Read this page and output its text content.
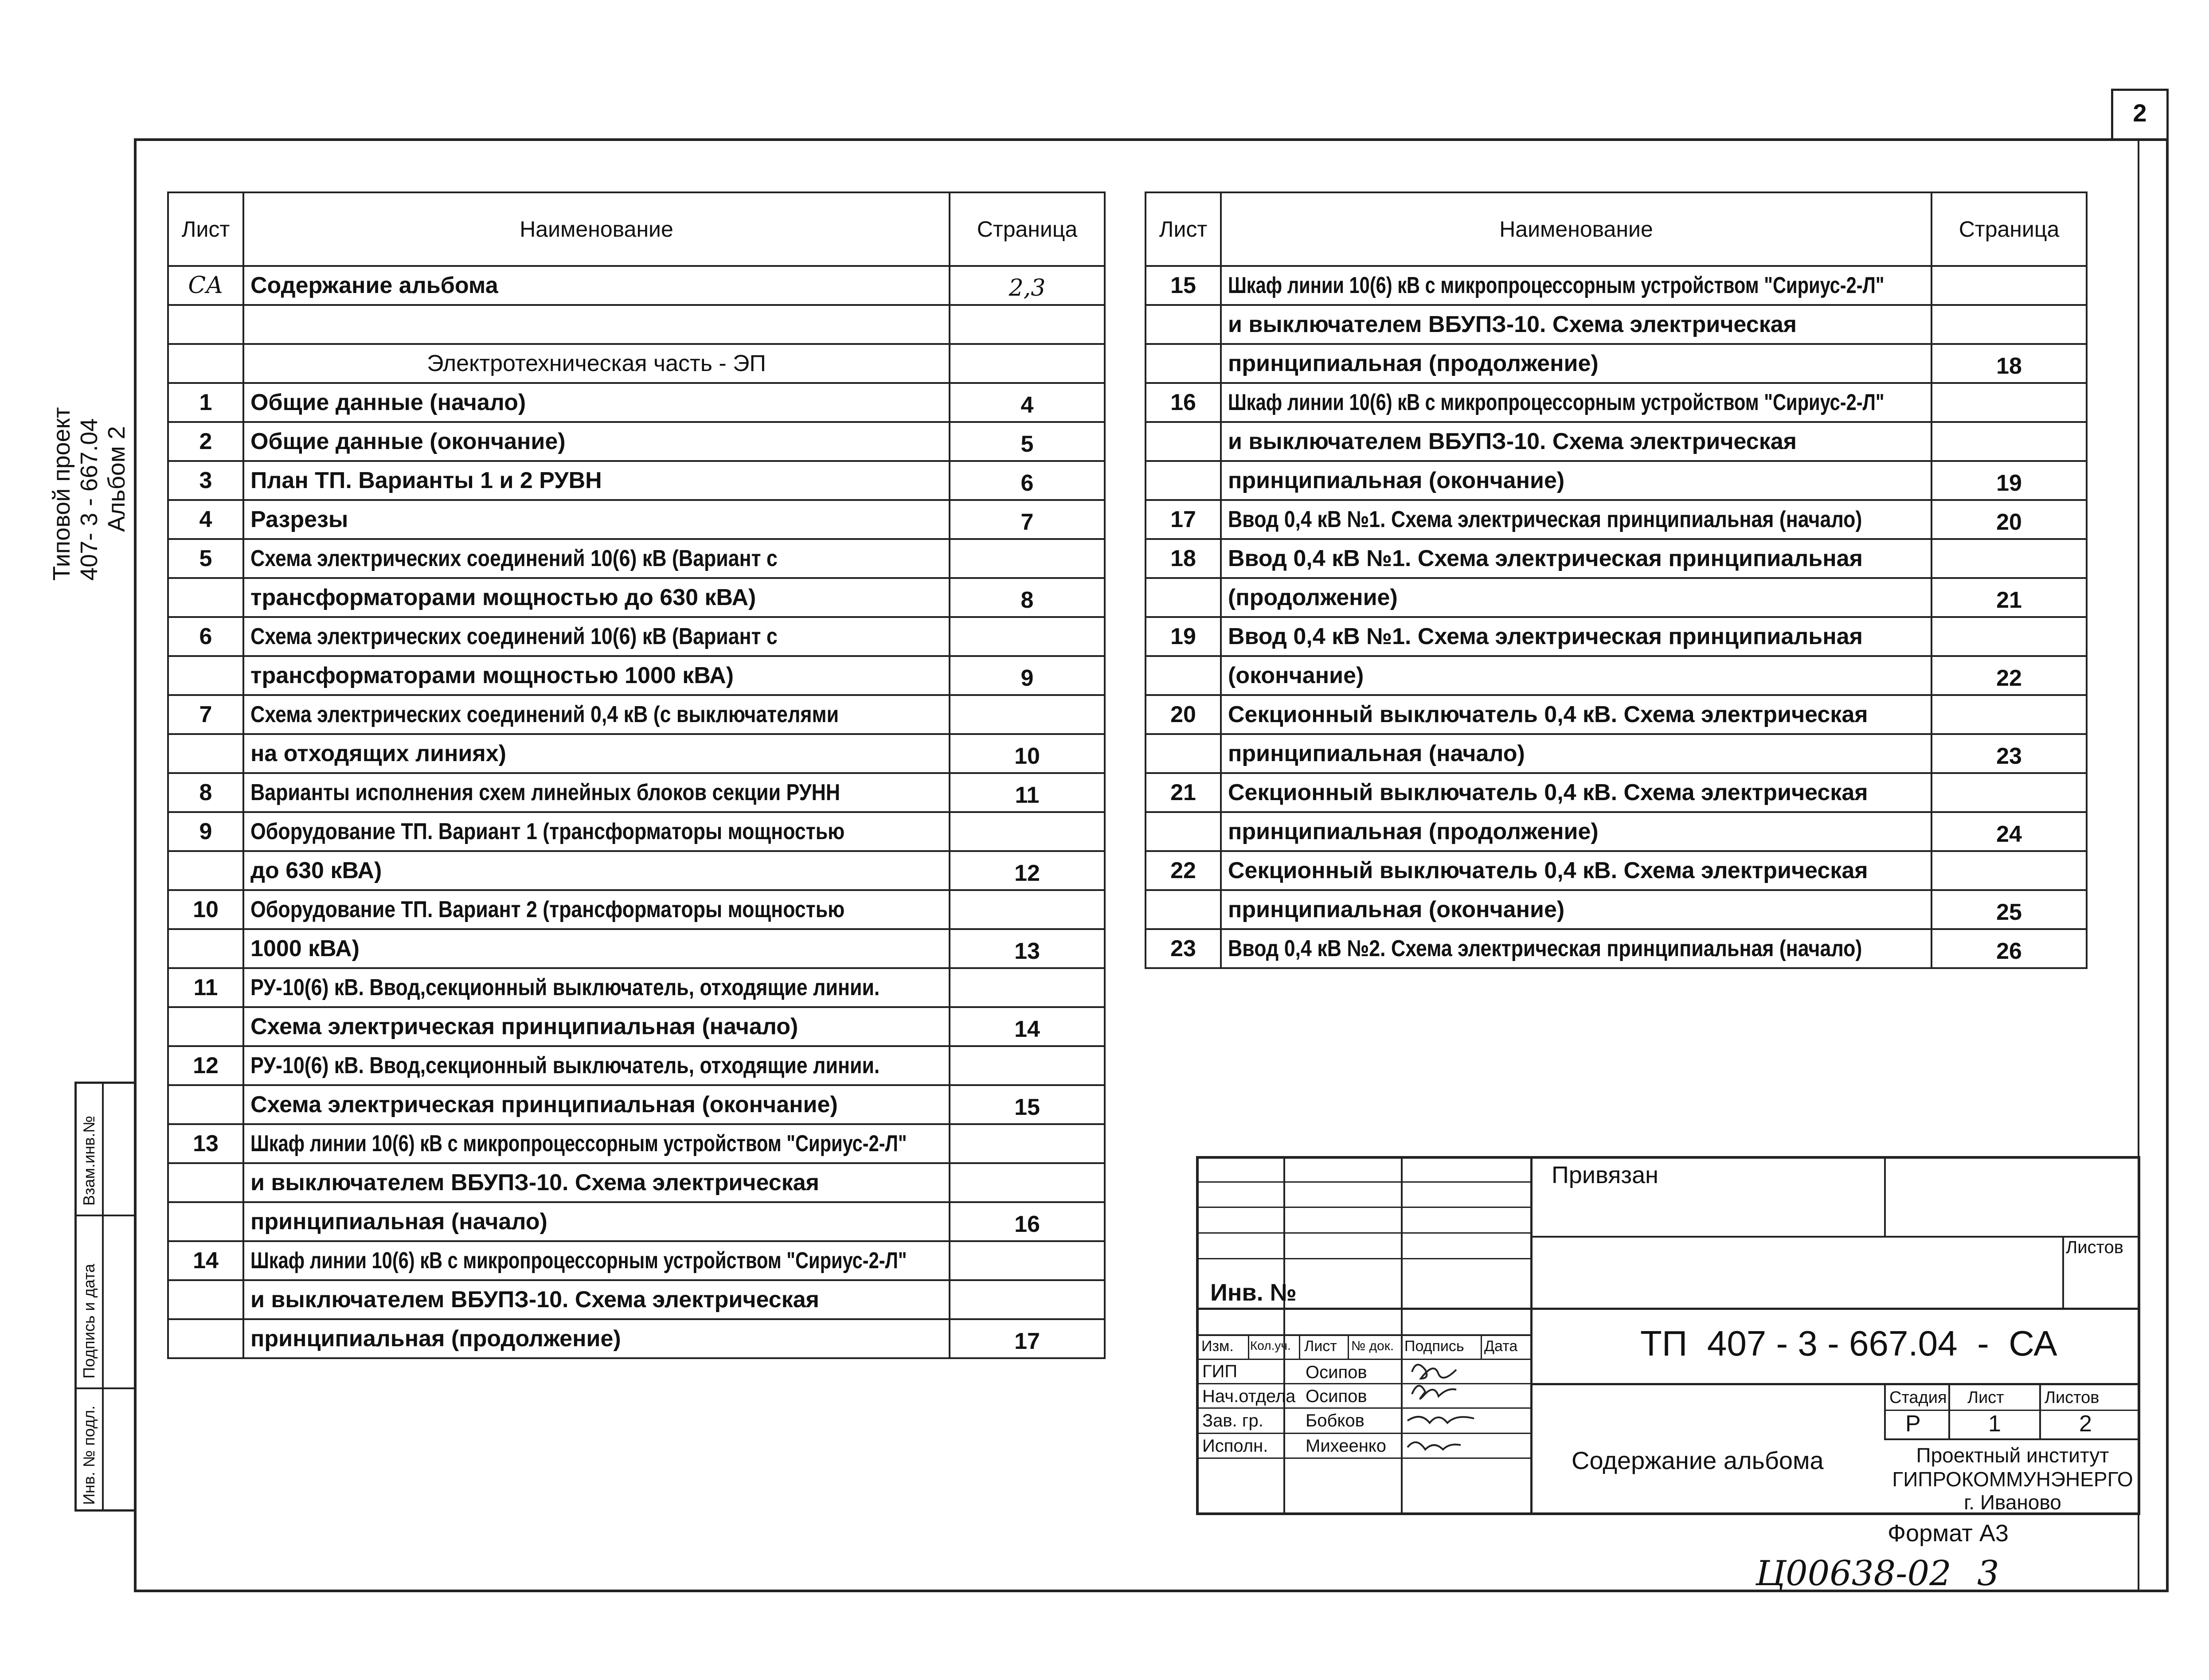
2
Типовой проект 407- 3 - 667.04 Альбом 2
Взам.инв.№
Подпись и дата
Инв. № подл.
Лист	Наименование	Страница
СА	Содержание альбома	2,3

	Электротехническая часть - ЭП	
1	Общие данные (начало)	4
2	Общие данные (окончание)	5
3	План ТП. Варианты 1 и 2 РУВН	6
4	Разрезы	7
5	Схема электрических соединений 10(6) кВ (Вариант с	
	трансформаторами мощностью до 630 кВА)	8
6	Схема электрических соединений 10(6) кВ (Вариант с	
	трансформаторами мощностью 1000 кВА)	9
7	Схема электрических соединений 0,4 кВ (с выключателями	
	на отходящих линиях)	10
8	Варианты исполнения схем линейных блоков секции РУНН	11
9	Оборудование ТП. Вариант 1 (трансформаторы мощностью	
	до 630 кВА)	12
10	Оборудование ТП. Вариант 2 (трансформаторы мощностью	
	1000 кВА)	13
11	РУ-10(6) кВ. Ввод,секционный выключатель, отходящие линии.	
	Схема электрическая принципиальная (начало)	14
12	РУ-10(6) кВ. Ввод,секционный выключатель, отходящие линии.	
	Схема электрическая принципиальная (окончание)	15
13	Шкаф линии 10(6) кВ с микропроцессорным устройством "Сириус-2-Л"	
	и выключателем ВБУПЗ-10. Схема электрическая	
	принципиальная (начало)	16
14	Шкаф линии 10(6) кВ с микропроцессорным устройством "Сириус-2-Л"	
	и выключателем ВБУПЗ-10. Схема электрическая	
	принципиальная (продолжение)	17
Лист	Наименование	Страница
15	Шкаф линии 10(6) кВ с микропроцессорным устройством "Сириус-2-Л"	
	и выключателем ВБУПЗ-10. Схема электрическая	
	принципиальная (продолжение)	18
16	Шкаф линии 10(6) кВ с микропроцессорным устройством "Сириус-2-Л"	
	и выключателем ВБУПЗ-10. Схема электрическая	
	принципиальная (окончание)	19
17	Ввод 0,4 кВ №1. Схема электрическая принципиальная (начало)	20
18	Ввод 0,4 кВ №1. Схема электрическая принципиальная	
	(продолжение)	21
19	Ввод 0,4 кВ №1. Схема электрическая принципиальная	
	(окончание)	22
20	Секционный выключатель 0,4 кВ. Схема электрическая	
	принципиальная (начало)	23
21	Секционный выключатель 0,4 кВ. Схема электрическая	
	принципиальная (продолжение)	24
22	Секционный выключатель 0,4 кВ. Схема электрическая	
	принципиальная (окончание)	25
23	Ввод 0,4 кВ №2. Схема электрическая принципиальная (начало)	26
Привязан
Листов
Инв. №
ТП  407 - 3 - 667.04  -  СА
Изм. Кол.уч. Лист № док. Подпись Дата
ГИП	Осипов
Нач.отдела Осипов
Зав. гр. Бобков
Исполн. Михеенко
Содержание альбома
Стадия Лист Листов
Р	1	2
Проектный институт
ГИПРОКОММУНЭНЕРГО
г. Иваново
Формат А3
Ц00638-02 3
